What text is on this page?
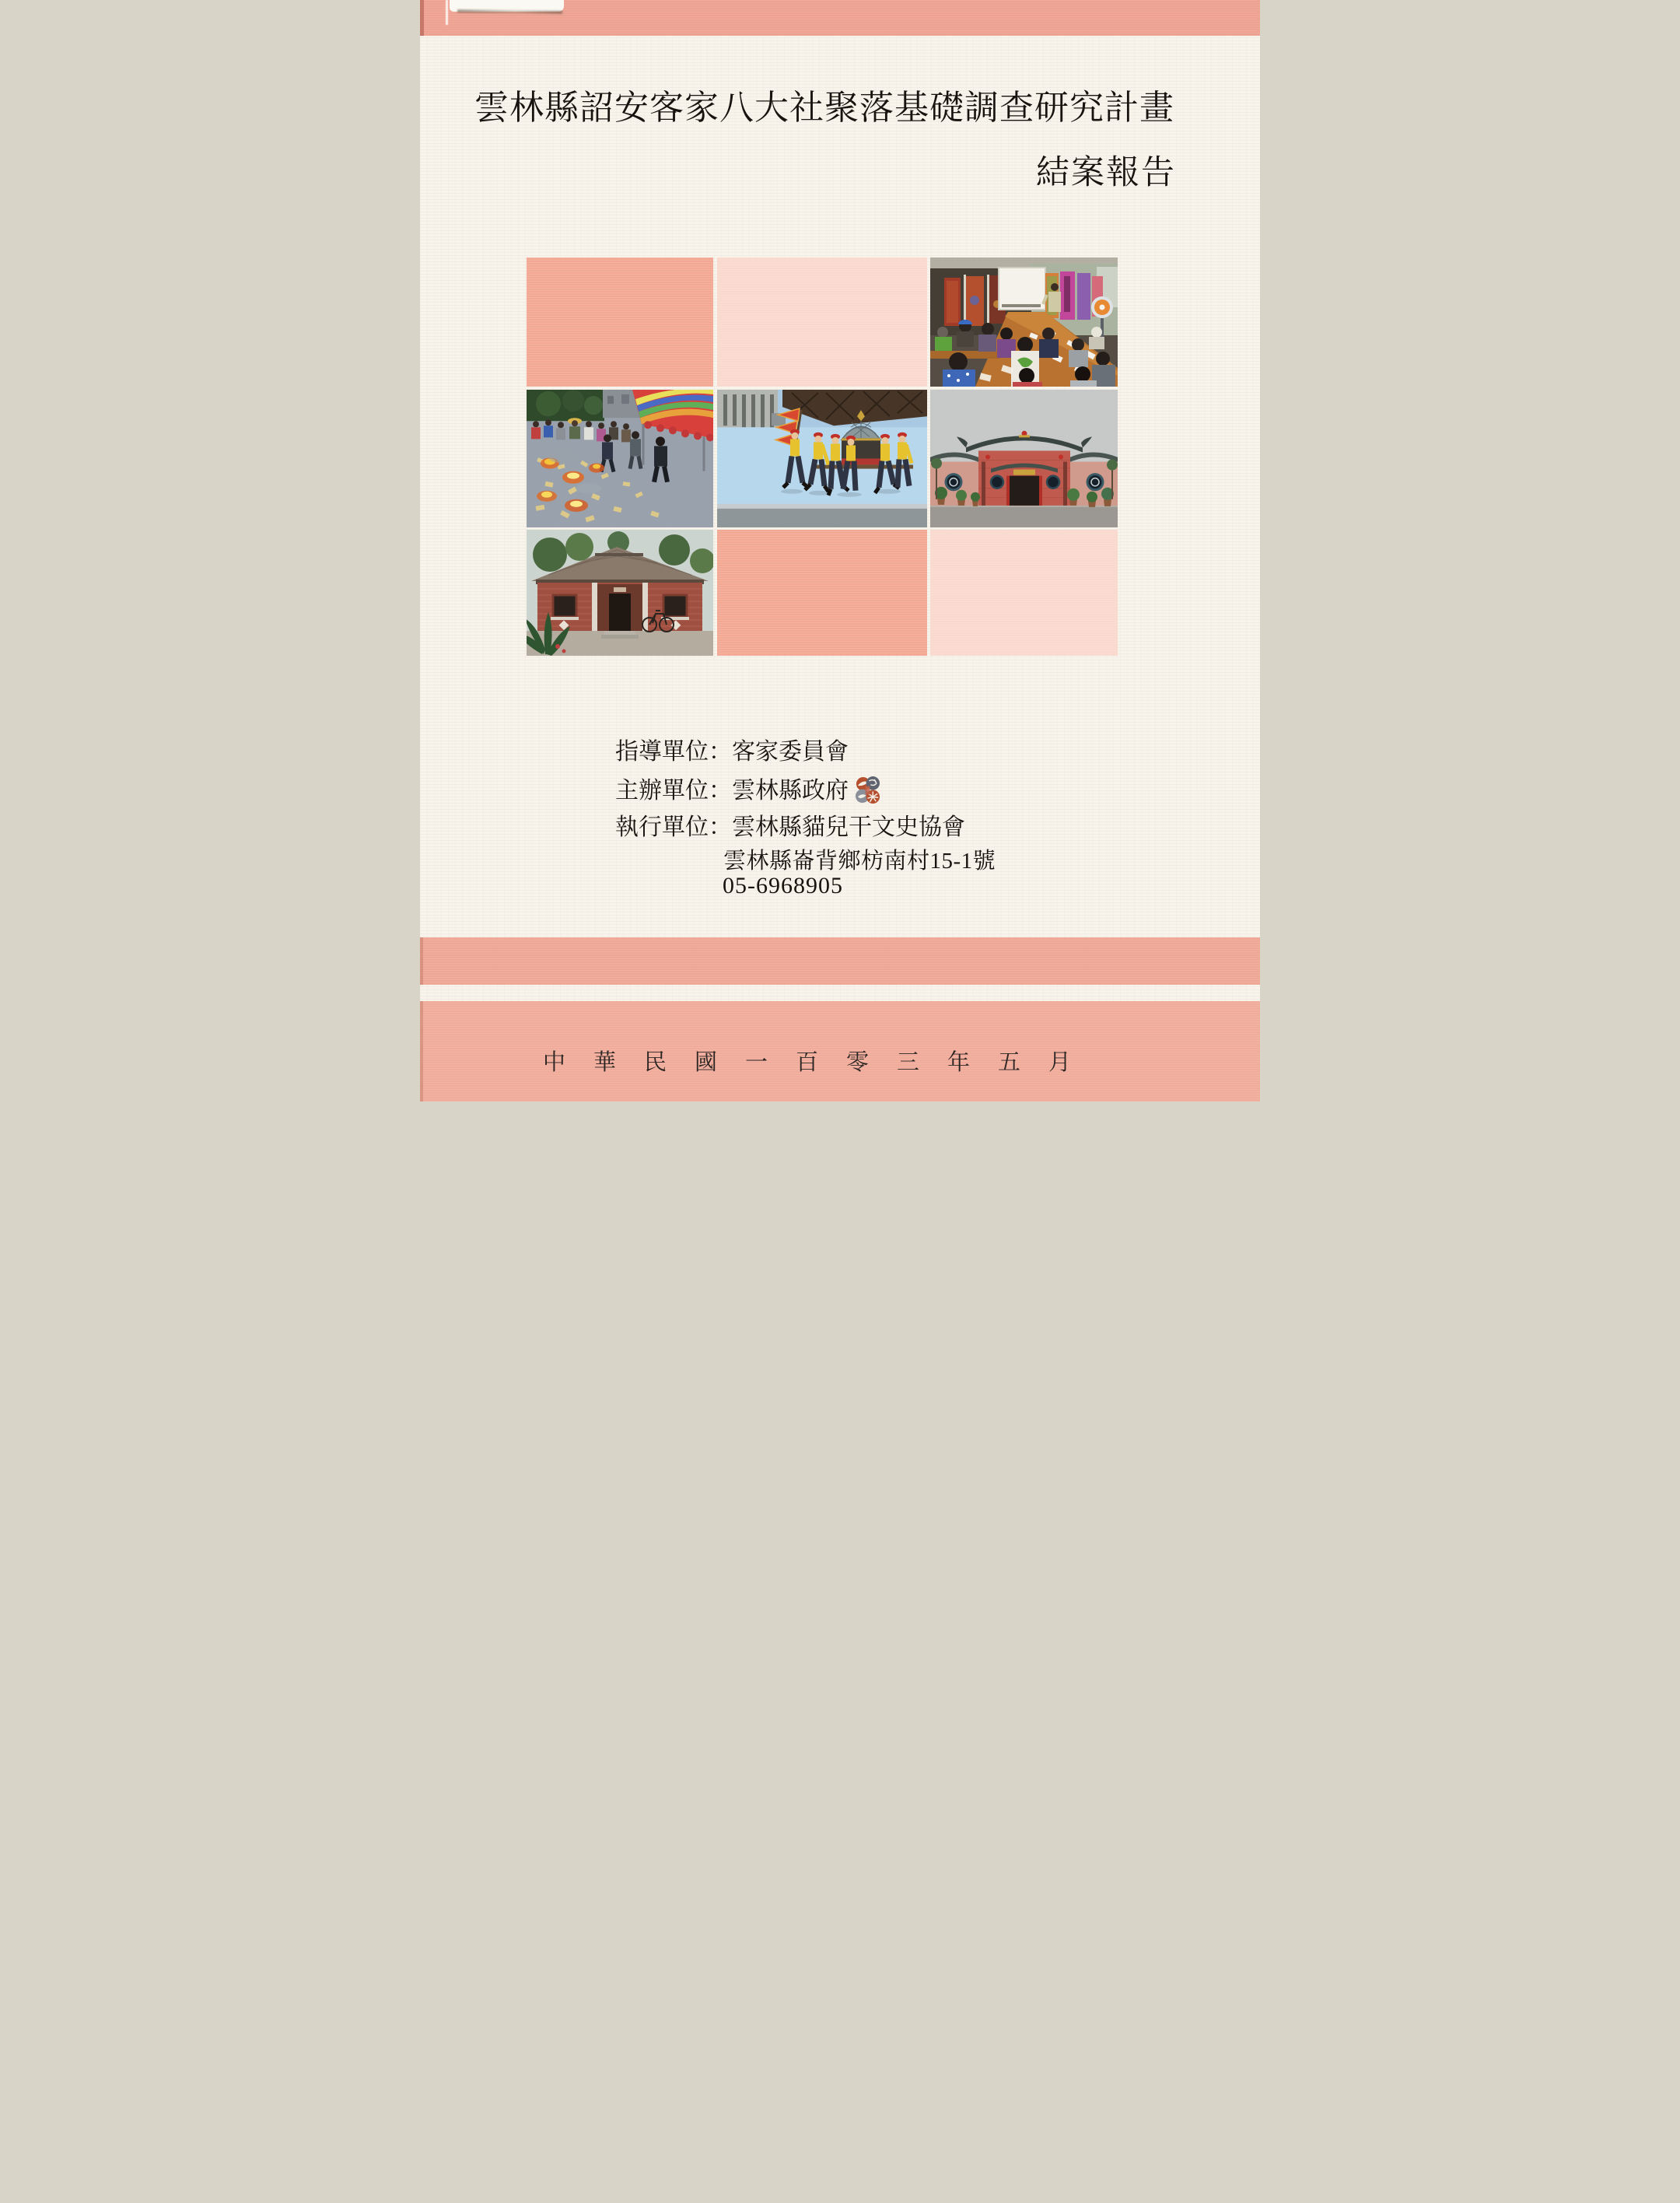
雲林縣詔安客家八大社聚落基礎調查研究計畫
結案報告
指導單位：客家委員會
主辦單位：雲林縣政府
執行單位：雲林縣貓兒干文史協會
雲林縣崙背鄉枋南村15-1號
05-6968905
中華民國一百零三年五月
